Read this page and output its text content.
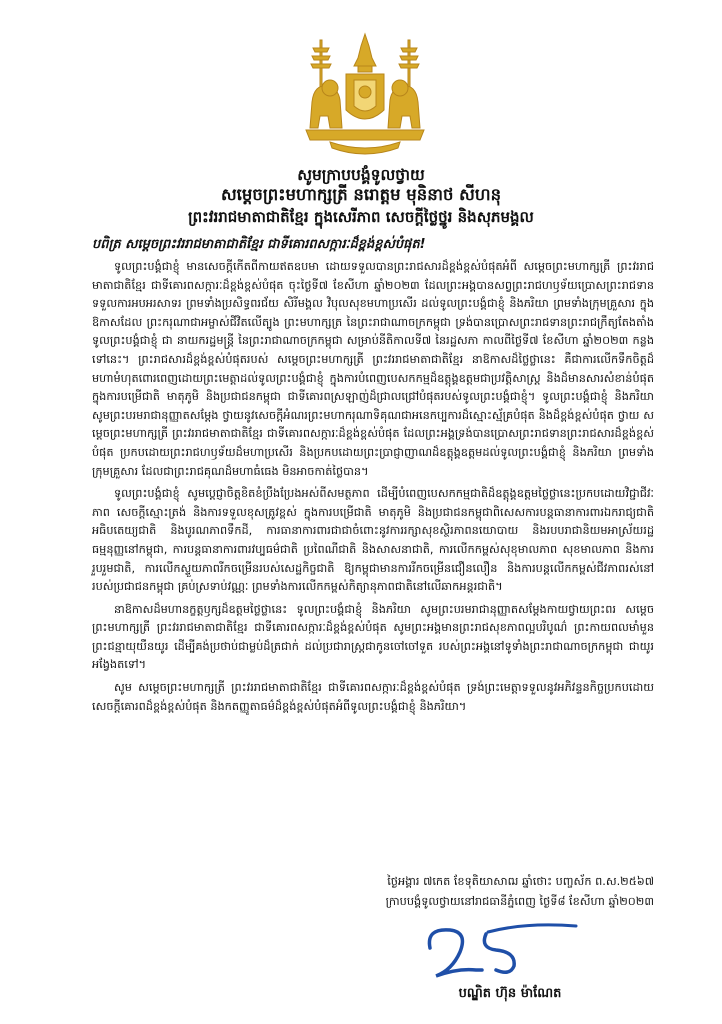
សូមក្រាបបង្គំទូលថ្វាយ
សម្តេចព្រះមហាក្សត្រី នរោត្តម មុនិនាថ សីហនុ
ព្រះវររាជមាតាជាតិខ្មែរ ក្នុងសេរីភាព សេចក្តីថ្លៃថ្នូរ និងសុភមង្គល
បពិត្រ សម្តេចព្រះវររាជមាតាជាតិខ្មែរ ជាទីគោរពសក្ការៈដ៏ខ្ពង់ខ្ពស់បំផុត!

ទូលព្រះបង្គំជាខ្ញុំ មានសេចក្តីកើតពីកាយឥតឧបមា ដោយទទួលបានព្រះរាជសារដ៏ខ្ពង់ខ្ពស់បំផុតអំពី សម្តេចព្រះមហាក្សត្រី ព្រះវររាជមាតាជាតិខ្មែរ ជាទីគោរពសក្ការៈដ៏ខ្ពង់ខ្ពស់បំផុត ចុះថ្ងៃទី៧ ខែសីហា ឆ្នាំ២០២៣ ដែលព្រះអង្គបានសព្វព្រះរាជហឫទ័យប្រោសព្រះរាជទានទទួលការអបអរសាទរ ព្រមទាំងប្រសិទ្ធពរជ័យ សិរីមង្គល វិបុលសុខមហាប្រសើរ ដល់ទូលព្រះបង្គំជាខ្ញុំ និងភរិយា ព្រមទាំងក្រុមគ្រួសារ ក្នុងឱកាសដែល ព្រះករុណាជាអម្ចាស់ជីវិតលើត្បូង ព្រះមហាក្សត្រ នៃព្រះរាជាណាចក្រកម្ពុជា ទ្រង់បានប្រោសព្រះរាជទានព្រះរាជក្រឹត្យតែងតាំងទូលព្រះបង្គំជាខ្ញុំ ជា នាយករដ្ឋមន្ត្រី នៃព្រះរាជាណាចក្រកម្ពុជា សម្រាប់នីតិកាលទី៧ នៃរដ្ឋសភា កាលពីថ្ងៃទី៧ ខែសីហា ឆ្នាំ២០២៣ កន្លងទៅនេះ។ ព្រះរាជសារដ៏ខ្ពង់ខ្ពស់បំផុតរបស់ សម្តេចព្រះមហាក្សត្រី ព្រះវររាជមាតាជាតិខ្មែរ នាឱកាសដ៏ថ្លៃថ្លានេះ គឺជាការលើកទឹកចិត្តដ៏មហាមំហុតពោរពេញដោយព្រះមេត្តាដល់ទូលព្រះបង្គំជាខ្ញុំ ក្នុងការបំពេញបេសកកម្មដ៏ឧត្តុង្គឧត្តមជាប្រវត្តិសាស្ត្រ និងដ៏មានសារសំខាន់បំផុត ក្នុងការបម្រើជាតិ មាតុភូមិ និងប្រជាជនកម្ពុជា ជាទីគោរពស្រឡាញ់ដ៏ជ្រាលជ្រៅបំផុតរបស់ទូលព្រះបង្គំជាខ្ញុំ។ ទូលព្រះបង្គំជាខ្ញុំ និងភរិយា សូមព្រះបរមរាជានុញ្ញាតសម្តែង ថ្វាយនូវសេចក្តីអំណរព្រះមហាករុណាទិគុណជាអនេកប្បការដ៏ស្មោះស្ម័គ្របំផុត និងដ៏ខ្ពង់ខ្ពស់បំផុត ថ្វាយ សម្តេចព្រះមហាក្សត្រី ព្រះវររាជមាតាជាតិខ្មែរ ជាទីគោរពសក្ការៈដ៏ខ្ពង់ខ្ពស់បំផុត ដែលព្រះអង្គទ្រង់បានប្រោសព្រះរាជទានព្រះរាជសារដ៏ខ្ពង់ខ្ពស់បំផុត ប្រកបដោយព្រះរាជហឫទ័យដ៏មហាប្រសើរ និងប្រកបដោយព្រះប្រាជ្ញាញាណដ៏ឧត្តុង្គឧត្តមដល់ទូលព្រះបង្គំជាខ្ញុំ និងភរិយា ព្រមទាំងក្រុមគ្រួសារ ដែលជាព្រះរាជគុណដ៏មហាធំធេង មិនអាចកាត់ថ្លៃបាន។

ទូលព្រះបង្គំជាខ្ញុំ សូមប្តេជ្ញាចិត្តខិតខំប្រឹងប្រែងអស់ពីសមត្ថភាព ដើម្បីបំពេញបេសកកម្មជាតិដ៏ឧត្តុង្គឧត្តមថ្លៃថ្លានេះប្រកបដោយវិជ្ជាជីវៈភាព សេចក្តីស្មោះត្រង់ និងការទទួលខុសត្រូវខ្ពស់ ក្នុងការបម្រើជាតិ មាតុភូមិ និងប្រជាជនកម្ពុជាពិសេសការបន្តធានាការពារឯករាជ្យជាតិ អធិបតេយ្យជាតិ និងបូរណភាពទឹកដី, ការធានាការពារជាជាចំពោះនូវការរក្សាសុខស្ថិរភាពនយោបាយ និងរបបរាជានិយមអាស្រ័យរដ្ឋធម្មនុញ្ញនៅកម្ពុជា, ការបន្តធានាការពារវប្បធម៌ជាតិ ប្រពៃណីជាតិ និងសាសនាជាតិ, ការលើកកម្ពស់សុខុមាលភាព សុខមាលភាព និងការរួបរួមជាតិ, ការលើកស្ទួយភាពរីកចម្រើនរបស់សេដ្ឋកិច្ចជាតិ ឱ្យកម្ពុជាមានការរីកចម្រើនជឿនលឿន និងការបន្តលើកកម្ពស់ជីវភាពរស់នៅរបស់ប្រជាជនកម្ពុជា គ្រប់ស្រទាប់វណ្ណៈ ព្រមទាំងការលើកកម្ពស់កិត្យានុភាពជាតិនៅលើឆាកអន្តរជាតិ។

នាឱកាសដ៏មហានក្ខត្តឫក្សដ៏ឧត្តមថ្លៃថ្លានេះ ទូលព្រះបង្គំជាខ្ញុំ និងភរិយា សូមព្រះបរមរាជានុញ្ញាតសម្តែងកាយថ្វាយព្រះពរ សម្តេចព្រះមហាក្សត្រី ព្រះវររាជមាតាជាតិខ្មែរ ជាទីគោរពសក្ការៈដ៏ខ្ពង់ខ្ពស់បំផុត សូមព្រះអង្គមានព្រះរាជសុខភាពល្អបរិបូណ៌ ព្រះកាយពលមាំមួន ព្រះជន្មាយុយឺនយូរ ដើម្បីគង់ប្រថាប់ជាម្លប់ដ៏ត្រជាក់ ដល់ប្រជារាស្ត្រជាកូនចៅចៅទួត របស់ព្រះអង្គនៅទូទាំងព្រះរាជាណាចក្រកម្ពុជា ជាយូរអង្វែងតទៅ។

សូម សម្តេចព្រះមហាក្សត្រី ព្រះវររាជមាតាជាតិខ្មែរ ជាទីគោរពសក្ការៈដ៏ខ្ពង់ខ្ពស់បំផុត ទ្រង់ព្រះមេត្តាទទួលនូវអភិវន្ទនកិច្ចប្រកបដោយសេចក្តីគោរពដ៏ខ្ពង់ខ្ពស់បំផុត និងកតញ្ញូតាធម៌ដ៏ខ្ពង់ខ្ពស់បំផុតអំពីទូលព្រះបង្គំជាខ្ញុំ និងភរិយា។

ថ្ងៃអង្គារ ៧កេត ខែទុតិយាសាឍ ឆ្នាំថោះ បញ្ចស័ក ព.ស.២៥៦៧
ក្រាបបង្គំទូលថ្វាយនៅរាជធានីភ្នំពេញ ថ្ងៃទី៨ ខែសីហា ឆ្នាំ២០២៣
បណ្ឌិត ហ៊ុន ម៉ាណែត
